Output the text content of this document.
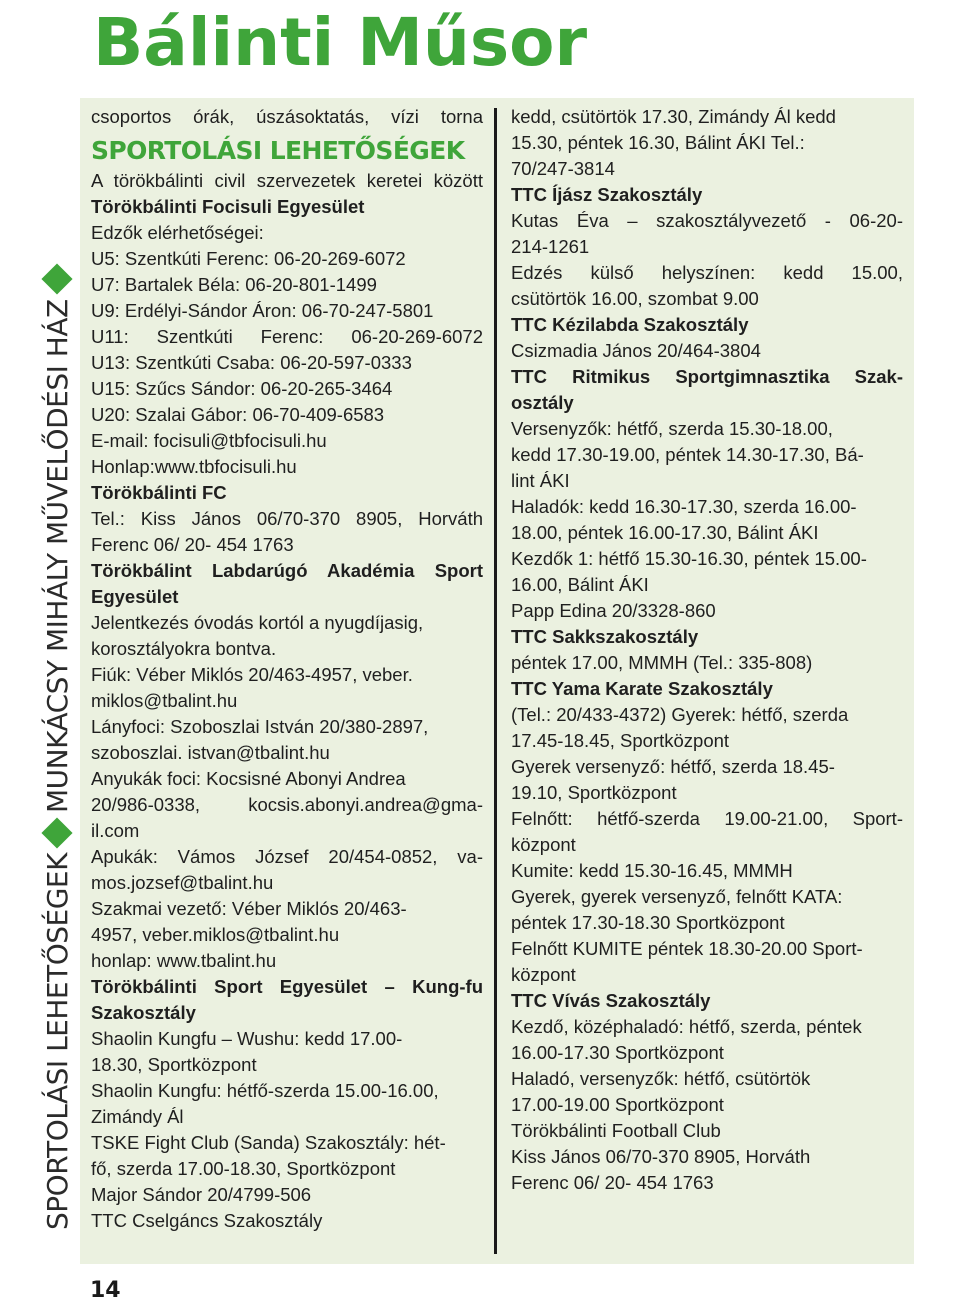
Bálinti Műsor
SPORTOLÁSI LEHETŐSÉGEK
MUNKÁCSY MIHÁLY MŰVELŐDÉSI HÁZ
csoportos órák, úszásoktatás, vízi torna
SPORTOLÁSI LEHETŐSÉGEK
A törökbálinti civil szervezetek keretei között
Törökbálinti Focisuli Egyesület
Edzők elérhetőségei:
U5: Szentkúti Ferenc: 06-20-269-6072
U7: Bartalek Béla: 06-20-801-1499
U9: Erdélyi-Sándor Áron: 06-70-247-5801
U11: Szentkúti Ferenc: 06-20-269-6072
U13: Szentkúti Csaba: 06-20-597-0333
U15: Szűcs Sándor: 06-20-265-3464
U20: Szalai Gábor: 06-70-409-6583
E-mail: focisuli@tbfocisuli.hu
Honlap:www.tbfocisuli.hu
Törökbálinti FC
Tel.: Kiss János 06/70-370 8905, Horváth
Ferenc 06/ 20- 454 1763
Törökbálint Labdarúgó Akadémia Sport
Egyesület
Jelentkezés óvodás kortól a nyugdíjasig,
korosztályokra bontva.
Fiúk: Véber Miklós 20/463-4957, veber.
miklos@tbalint.hu
Lányfoci: Szoboszlai István 20/380-2897,
szoboszlai. istvan@tbalint.hu
Anyukák foci: Kocsisné Abonyi Andrea
20/986-0338, kocsis.abonyi.andrea@gma-
il.com
Apukák: Vámos József 20/454-0852, va-
mos.jozsef@tbalint.hu
Szakmai vezető: Véber Miklós 20/463-
4957, veber.miklos@tbalint.hu
honlap: www.tbalint.hu
Törökbálinti Sport Egyesület – Kung-fu
Szakosztály
Shaolin Kungfu – Wushu: kedd 17.00-
18.30, Sportközpont
Shaolin Kungfu: hétfő-szerda 15.00-16.00,
Zimándy Ál
TSKE Fight Club (Sanda) Szakosztály: hét-
fő, szerda 17.00-18.30, Sportközpont
Major Sándor 20/4799-506
TTC Cselgáncs Szakosztály
kedd, csütörtök 17.30, Zimándy Ál kedd
15.30, péntek 16.30, Bálint ÁKI Tel.:
70/247-3814
TTC Íjász Szakosztály
Kutas Éva – szakosztályvezető - 06-20-
214-1261
Edzés külső helyszínen: kedd 15.00,
csütörtök 16.00, szombat 9.00
TTC Kézilabda Szakosztály
Csizmadia János 20/464-3804
TTC Ritmikus Sportgimnasztika Szak-
osztály
Versenyzők: hétfő, szerda 15.30-18.00,
kedd 17.30-19.00, péntek 14.30-17.30, Bá-
lint ÁKI
Haladók: kedd 16.30-17.30, szerda 16.00-
18.00, péntek 16.00-17.30, Bálint ÁKI
Kezdők 1: hétfő 15.30-16.30, péntek 15.00-
16.00, Bálint ÁKI
Papp Edina 20/3328-860
TTC Sakkszakosztály
péntek 17.00, MMMH (Tel.: 335-808)
TTC Yama Karate Szakosztály
(Tel.: 20/433-4372) Gyerek: hétfő, szerda
17.45-18.45, Sportközpont
Gyerek versenyző: hétfő, szerda 18.45-
19.10, Sportközpont
Felnőtt: hétfő-szerda 19.00-21.00, Sport-
központ
Kumite: kedd 15.30-16.45, MMMH
Gyerek, gyerek versenyző, felnőtt KATA:
péntek 17.30-18.30 Sportközpont
Felnőtt KUMITE péntek 18.30-20.00 Sport-
központ
TTC Vívás Szakosztály
Kezdő, középhaladó: hétfő, szerda, péntek
16.00-17.30 Sportközpont
Haladó, versenyzők: hétfő, csütörtök
17.00-19.00 Sportközpont
Törökbálinti Football Club
Kiss János 06/70-370 8905, Horváth
Ferenc 06/ 20- 454 1763
14
